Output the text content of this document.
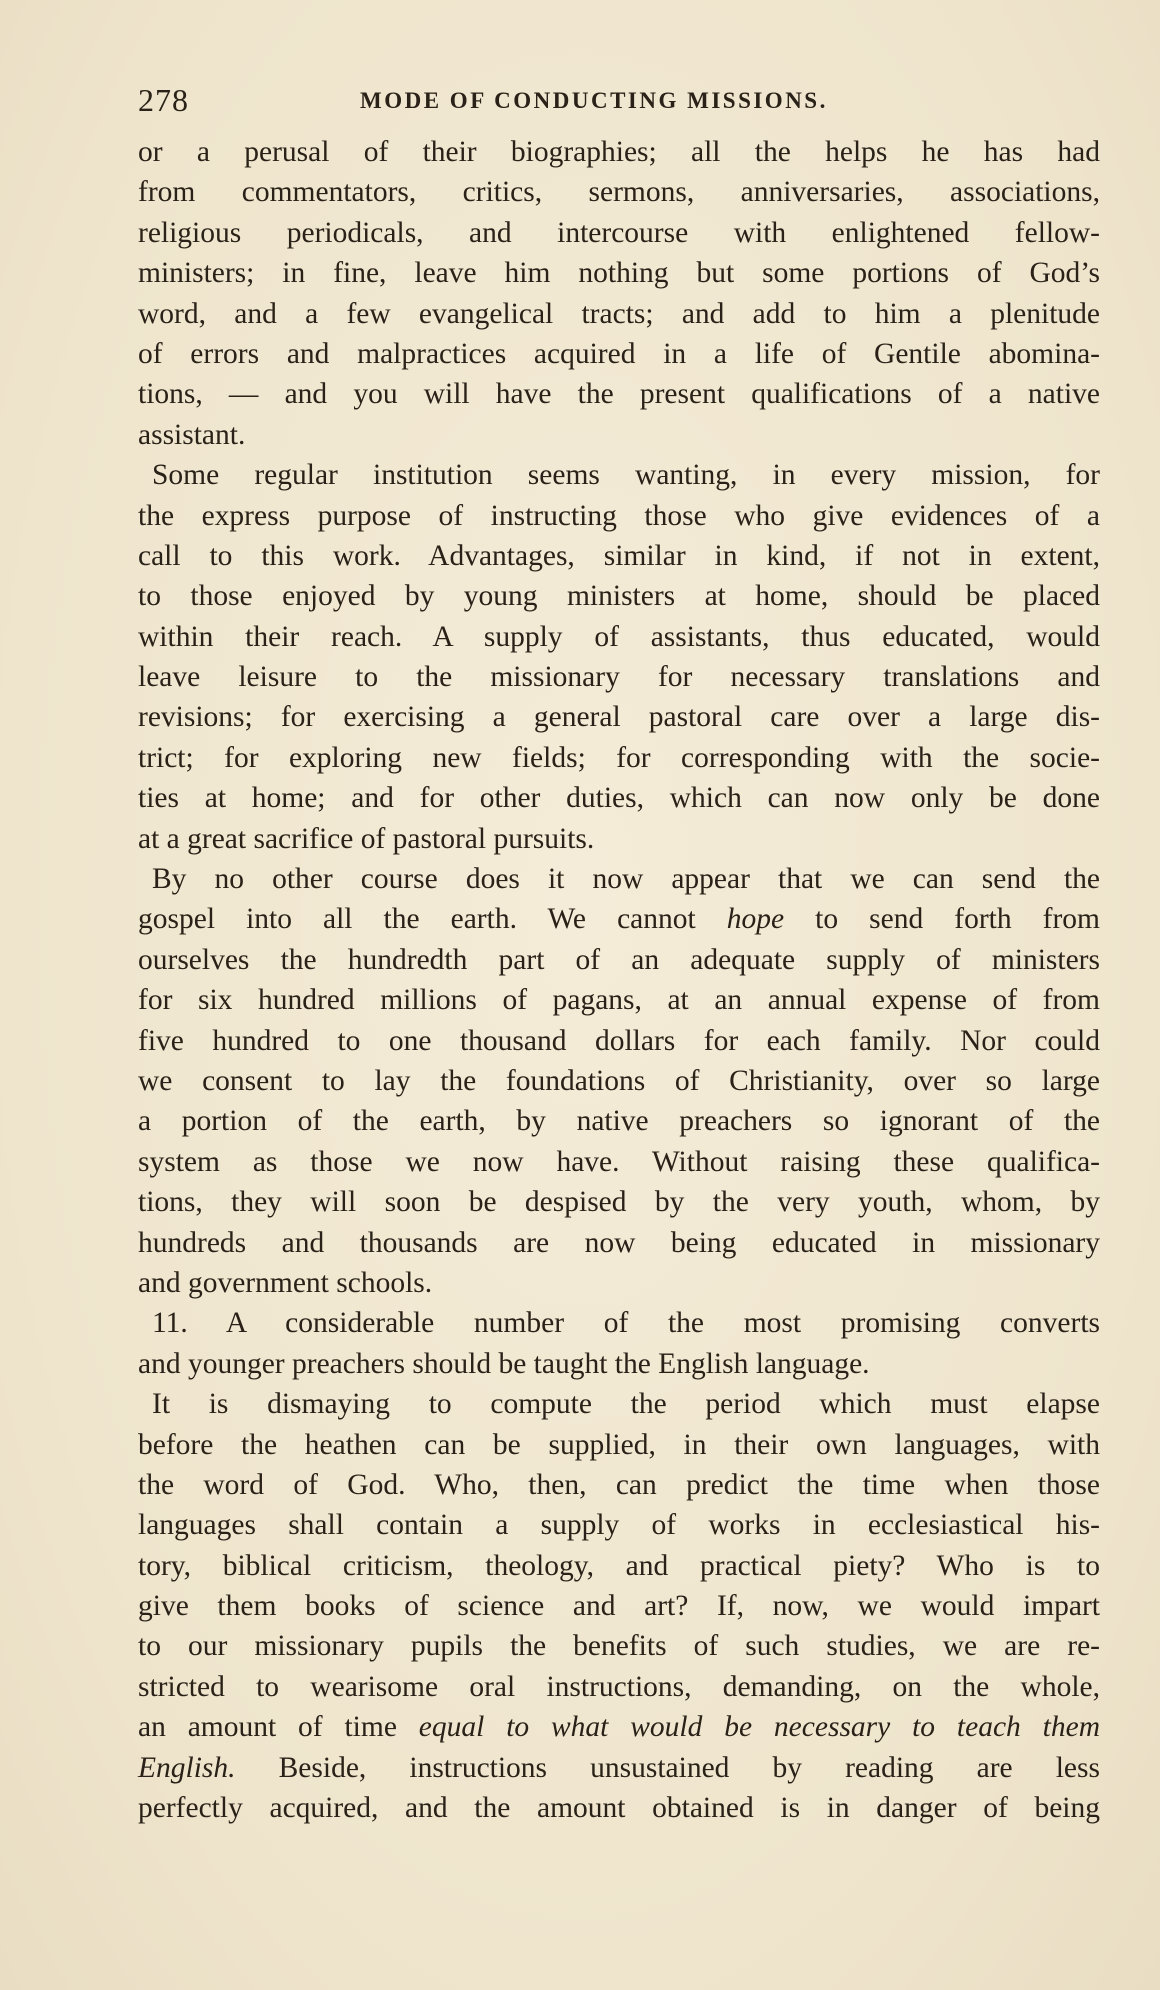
278	MODE OF CONDUCTING MISSIONS.
or a perusal of their biographies; all the helps he has had
from commentators, critics, sermons, anniversaries, associations,
religious periodicals, and intercourse with enlightened fellow-
ministers; in fine, leave him nothing but some portions of God’s
word, and a few evangelical tracts; and add to him a plenitude
of errors and malpractices acquired in a life of Gentile abomina-
tions, — and you will have the present qualifications of a native
assistant.
Some regular institution seems wanting, in every mission, for
the express purpose of instructing those who give evidences of a
call to this work. Advantages, similar in kind, if not in extent,
to those enjoyed by young ministers at home, should be placed
within their reach. A supply of assistants, thus educated, would
leave leisure to the missionary for necessary translations and
revisions; for exercising a general pastoral care over a large dis-
trict; for exploring new fields; for corresponding with the socie-
ties at home; and for other duties, which can now only be done
at a great sacrifice of pastoral pursuits.
By no other course does it now appear that we can send the
gospel into all the earth. We cannot hope to send forth from
ourselves the hundredth part of an adequate supply of ministers
for six hundred millions of pagans, at an annual expense of from
five hundred to one thousand dollars for each family. Nor could
we consent to lay the foundations of Christianity, over so large
a portion of the earth, by native preachers so ignorant of the
system as those we now have. Without raising these qualifica-
tions, they will soon be despised by the very youth, whom, by
hundreds and thousands are now being educated in missionary
and government schools.
11. A considerable number of the most promising converts
and younger preachers should be taught the English language.
It is dismaying to compute the period which must elapse
before the heathen can be supplied, in their own languages, with
the word of God. Who, then, can predict the time when those
languages shall contain a supply of works in ecclesiastical his-
tory, biblical criticism, theology, and practical piety? Who is to
give them books of science and art? If, now, we would impart
to our missionary pupils the benefits of such studies, we are re-
stricted to wearisome oral instructions, demanding, on the whole,
an amount of time equal to what would be necessary to teach them
English. Beside, instructions unsustained by reading are less
perfectly acquired, and the amount obtained is in danger of being
